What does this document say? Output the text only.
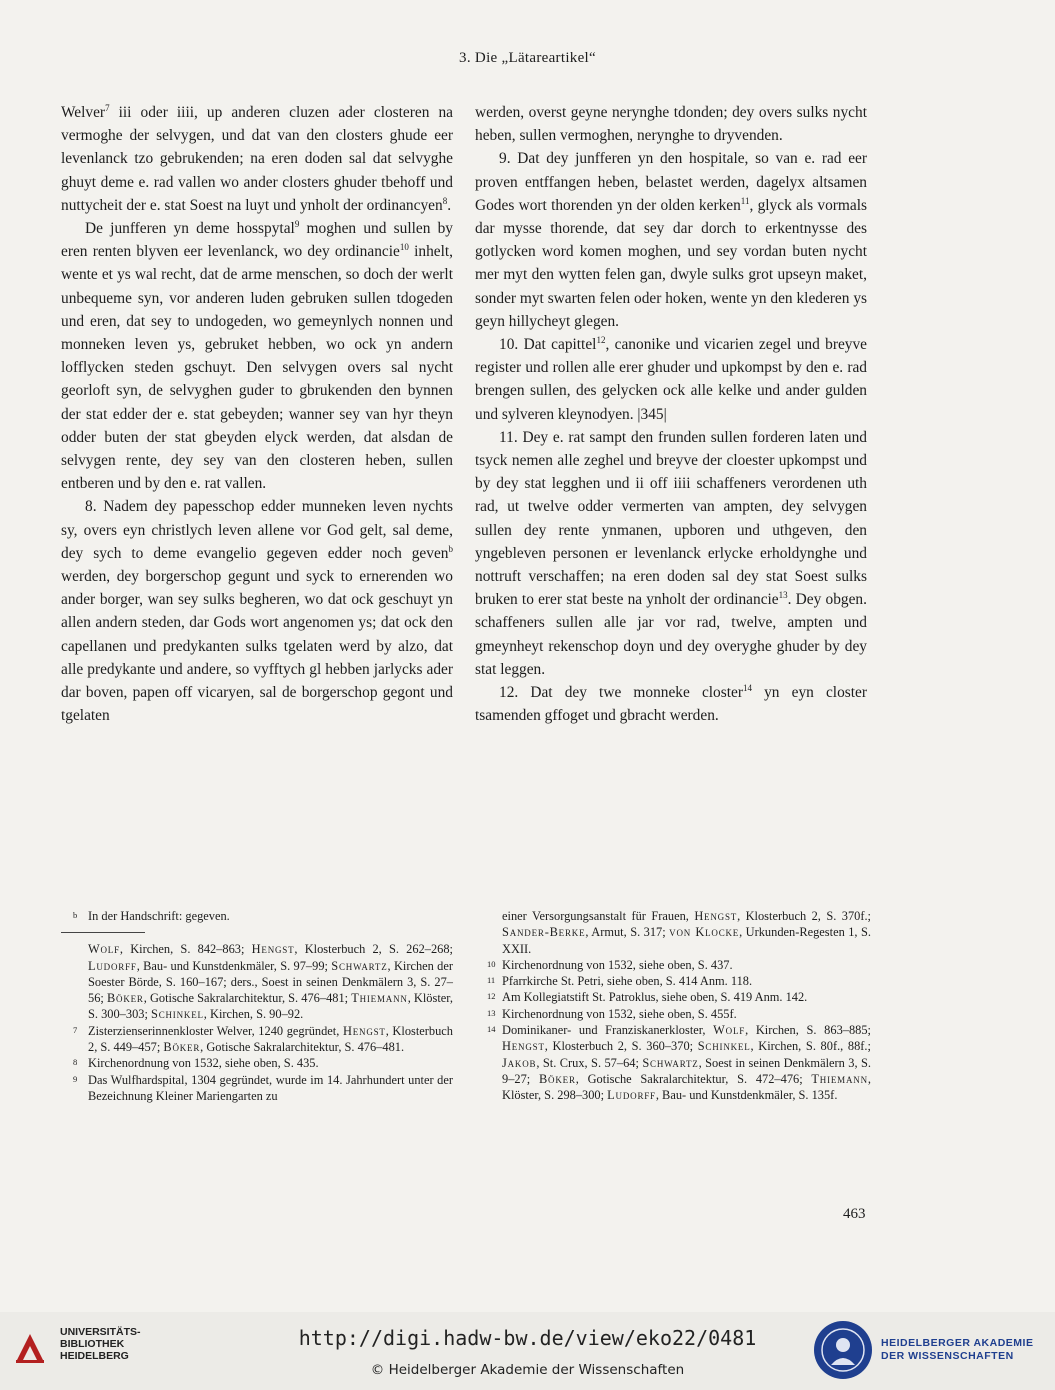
3. Die „Lätareartikel“

Welver$^7$ iii oder iiii, up anderen cluzen ader closteren na vermoghe der selvygen, und dat van den closters ghude eer levenlanck tzo gebrukenden; na eren doden sal dat selvyghe ghuyt deme e. rad vallen wo ander closters ghuder tbehoff und nuttycheit der e. stat Soest na luyt und ynholt der ordinancyen$^8$.

De junfferen yn deme hosspytal$^9$ moghen und sullen by eren renten blyven eer levenlanck, wo dey ordinancie$^{10}$ inhelt, wente et ys wal recht, dat de arme menschen, so doch der werlt unbequeme syn, vor anderen luden gebruken sullen tdogeden und eren, dat sey to undogeden, wo gemeynlych nonnen und monneken leven ys, gebruket hebben, wo ock yn andern lofflycken steden gschuyt. Den selvygen overs sal nycht georloft syn, de selvyghen guder to gbrukenden den bynnen der stat edder der e. stat gebeyden; wanner sey van hyr theyn odder buten der stat gbeyden elyck werden, dat alsdan de selvygen rente, dey sey van den closteren heben, sullen entberen und by den e. rat vallen.

8. Nadem dey papesschop edder munneken leven nychts sy, overs eyn christlych leven allene vor God gelt, sal deme, dey sych to deme evangelio gegeven edder noch geven$^b$ werden, dey borgerschop gegunt und syck to ernerenden wo ander borger, wan sey sulks begheren, wo dat ock geschuyt yn allen andern steden, dar Gods wort angenomen ys; dat ock den capellanen und predykanten sulks tgelaten werd by alzo, dat alle predykante und andere, so vyfftych gl hebben jarlycks ader dar boven, papen off vicaryen, sal de borgerschop gegont und tgelaten

werden, overst geyne nerynghe tdonden; dey overs sulks nycht heben, sullen vermoghen, nerynghe to dryvenden.

9. Dat dey junfferen yn den hospitale, so van e. rad eer proven entffangen heben, belastet werden, dagelyx altsamen Godes wort thorenden yn der olden kerken$^{11}$, glyck als vormals dar mysse thorende, dat sey dar dorch to erkentnysse des gotlycken word komen moghen, und sey vordan buten nycht mer myt den wytten felen gan, dwyle sulks grot upseyn maket, sonder myt swarten felen oder hoken, wente yn den klederen ys geyn hillycheyt glegen.

10. Dat capittel$^{12}$, canonike und vicarien zegel und breyve register und rollen alle erer ghuder und upkompst by den e. rad brengen sullen, des gelycken ock alle kelke und ander gulden und sylveren kleynodyen. |345|

11. Dey e. rat sampt den frunden sullen forderen laten und tsyck nemen alle zeghel und breyve der cloester upkompst und by dey stat legghen und ii off iiii schaffeners verordenen uth rad, ut twelve odder vermerten van ampten, dey selvygen sullen dey rente ynmanen, upboren und uthgeven, den yngebleven personen er levenlanck erlycke erholdynghe und nottruft verschaffen; na eren doden sal dey stat Soest sulks bruken to erer stat beste na ynholt der ordinancie$^{13}$. Dey obgen. schaffeners sullen alle jar vor rad, twelve, ampten und gmeynheyt rekenschop doyn und dey overyghe ghuder by dey stat leggen.

12. Dat dey twe monneke closter$^{14}$ yn eyn closter tsamenden gffoget und gbracht werden.

b In der Handschrift: gegeven.
Wolf, Kirchen, S. 842–863; Hengst, Klosterbuch 2, S. 262–268; Ludorff, Bau- und Kunstdenkmäler, S. 97–99; Schwartz, Kirchen der Soester Börde, S. 160–167; ders., Soest in seinen Denkmälern 3, S. 27–56; Böker, Gotische Sakralarchitektur, S. 476–481; Thiemann, Klöster, S. 300–303; Schinkel, Kirchen, S. 90–92.
7 Zisterzienserinnenkloster Welver, 1240 gegründet, Hengst, Klosterbuch 2, S. 449–457; Böker, Gotische Sakralarchitektur, S. 476–481.
8 Kirchenordnung von 1532, siehe oben, S. 435.
9 Das Wulfhardspital, 1304 gegründet, wurde im 14. Jahrhundert unter der Bezeichnung Kleiner Mariengarten zu
einer Versorgungsanstalt für Frauen, Hengst, Klosterbuch 2, S. 370f.; Sander-Berke, Armut, S. 317; von Klocke, Urkunden-Regesten 1, S. XXII.
10 Kirchenordnung von 1532, siehe oben, S. 437.
11 Pfarrkirche St. Petri, siehe oben, S. 414 Anm. 118.
12 Am Kollegiatstift St. Patroklus, siehe oben, S. 419 Anm. 142.
13 Kirchenordnung von 1532, siehe oben, S. 455f.
14 Dominikaner- und Franziskanerkloster, Wolf, Kirchen, S. 863–885; Hengst, Klosterbuch 2, S. 360–370; Schinkel, Kirchen, S. 80f., 88f.; Jakob, St. Crux, S. 57–64; Schwartz, Soest in seinen Denkmälern 3, S. 9–27; Böker, Gotische Sakralarchitektur, S. 472–476; Thiemann, Klöster, S. 298–300; Ludorff, Bau- und Kunstdenkmäler, S. 135f.
463
UNIVERSITÄTS-
BIBLIOTHEK
HEIDELBERG
http://digi.hadw-bw.de/view/eko22/0481
© Heidelberger Akademie der Wissenschaften
HEIDELBERGER AKADEMIE
DER WISSENSCHAFTEN
